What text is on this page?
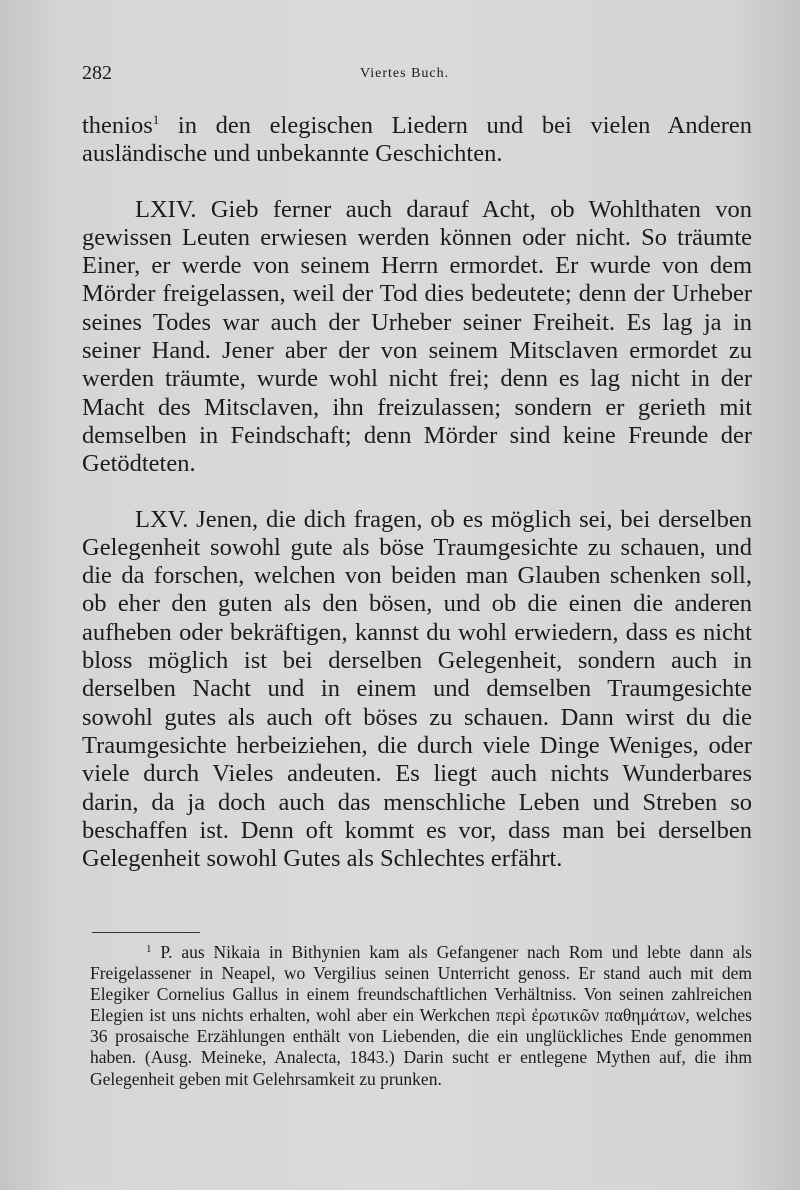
282	Viertes Buch.

thenios$^1$ in den elegischen Liedern und bei vielen Anderen ausländische und unbekannte Geschichten.

LXIV. Gieb ferner auch darauf Acht, ob Wohlthaten von gewissen Leuten erwiesen werden können oder nicht. So träumte Einer, er werde von seinem Herrn ermordet. Er wurde von dem Mörder freigelassen, weil der Tod dies bedeutete; denn der Urheber seines Todes war auch der Urheber seiner Freiheit. Es lag ja in seiner Hand. Jener aber der von seinem Mitsclaven ermordet zu werden träumte, wurde wohl nicht frei; denn es lag nicht in der Macht des Mitsclaven, ihn freizulassen; sondern er gerieth mit demselben in Feindschaft; denn Mörder sind keine Freunde der Getödteten.

LXV. Jenen, die dich fragen, ob es möglich sei, bei derselben Gelegenheit sowohl gute als böse Traumgesichte zu schauen, und die da forschen, welchen von beiden man Glauben schenken soll, ob eher den guten als den bösen, und ob die einen die anderen aufheben oder bekräftigen, kannst du wohl erwiedern, dass es nicht bloss möglich ist bei derselben Gelegenheit, sondern auch in derselben Nacht und in einem und demselben Traumgesichte sowohl gutes als auch oft böses zu schauen. Dann wirst du die Traumgesichte herbeiziehen, die durch viele Dinge Weniges, oder viele durch Vieles andeuten. Es liegt auch nichts Wunderbares darin, da ja doch auch das menschliche Leben und Streben so beschaffen ist. Denn oft kommt es vor, dass man bei derselben Gelegenheit sowohl Gutes als Schlechtes erfährt.

$^1$ P. aus Nikaia in Bithynien kam als Gefangener nach Rom und lebte dann als Freigelassener in Neapel, wo Vergilius seinen Unterricht genoss. Er stand auch mit dem Elegiker Cornelius Gallus in einem freundschaftlichen Verhältniss. Von seinen zahlreichen Elegien ist uns nichts erhalten, wohl aber ein Werkchen περὶ ἐρωτικῶν παθημάτων, welches 36 prosaische Erzählungen enthält von Liebenden, die ein unglückliches Ende genommen haben. (Ausg. Meineke, Analecta, 1843.) Darin sucht er entlegene Mythen auf, die ihm Gelegenheit geben mit Gelehrsamkeit zu prunken.
